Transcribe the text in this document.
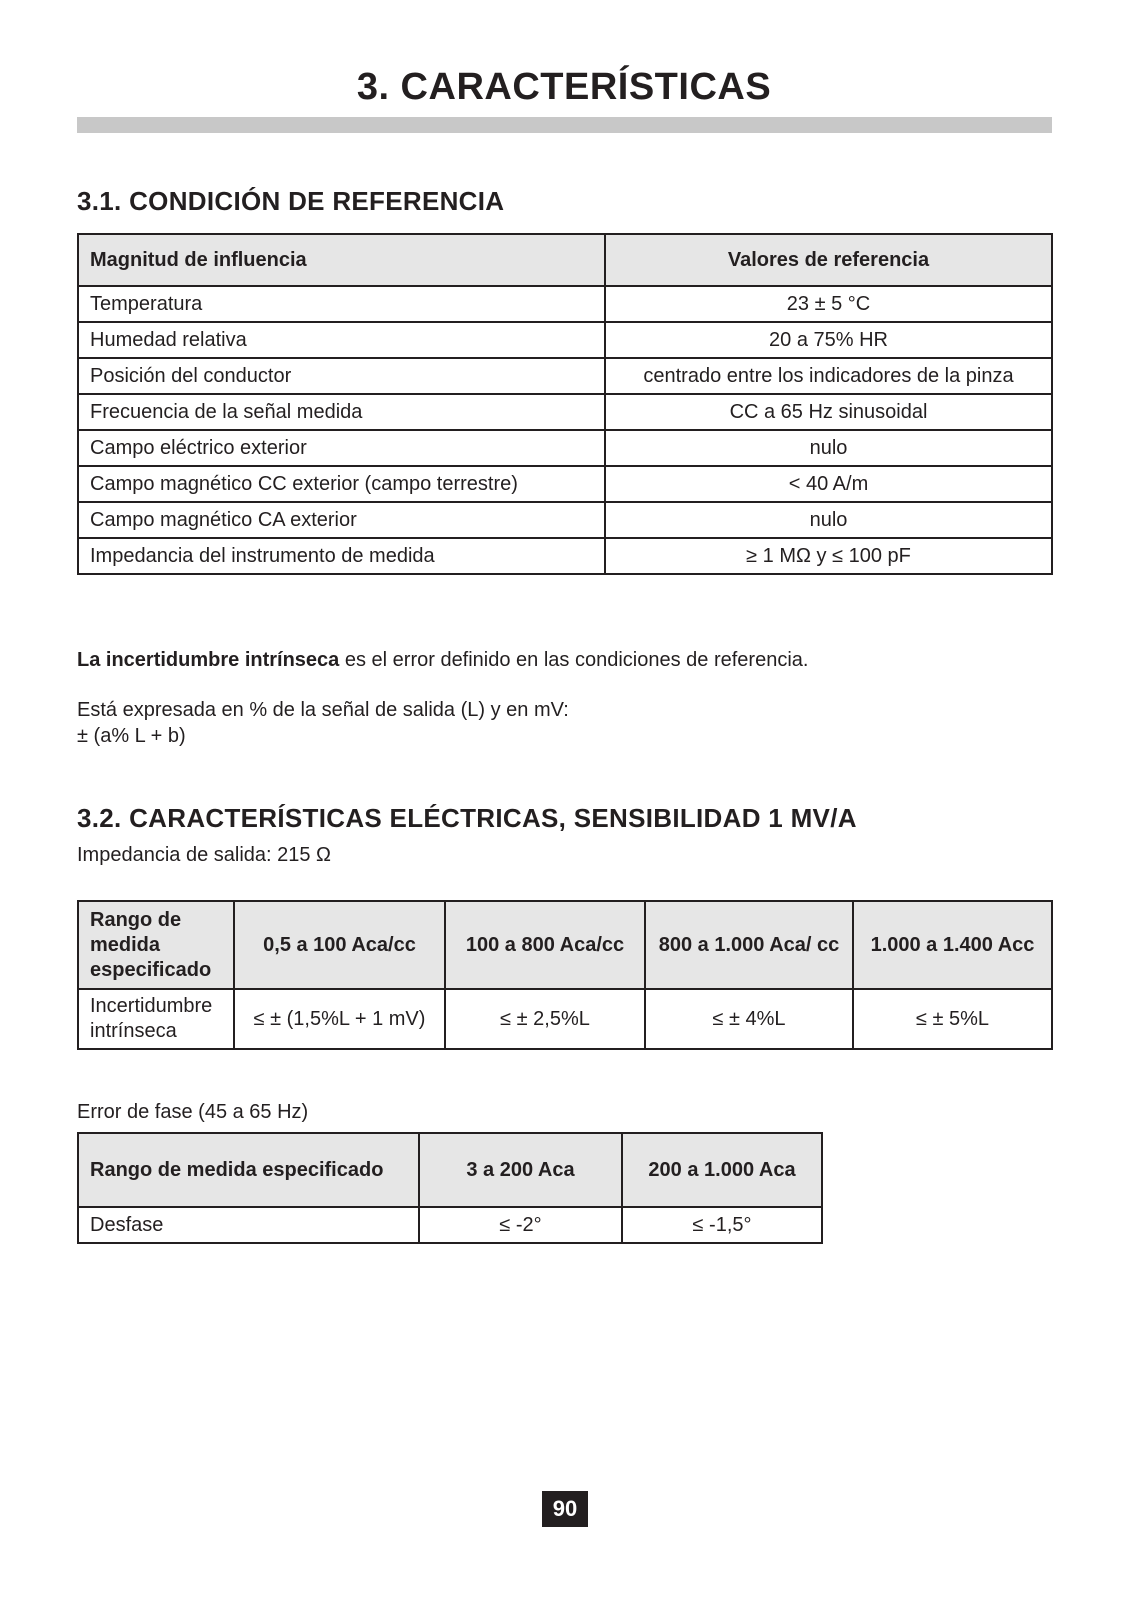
3. CARACTERÍSTICAS
3.1. CONDICIÓN DE REFERENCIA
Magnitud de influencia	Valores de referencia
Temperatura	23 ± 5 °C
Humedad relativa	20 a 75% HR
Posición del conductor	centrado entre los indicadores de la pinza
Frecuencia de la señal medida	CC a 65 Hz sinusoidal
Campo eléctrico exterior	nulo
Campo magnético CC exterior (campo terrestre)	< 40 A/m
Campo magnético CA exterior	nulo
Impedancia del instrumento de medida	≥ 1 MΩ y ≤ 100 pF

La incertidumbre intrínseca es el error definido en las condiciones de referencia.

Está expresada en % de la señal de salida (L) y en mV:

± (a% L + b)

3.2. CARACTERÍSTICAS ELÉCTRICAS, SENSIBILIDAD 1 MV/A

Impedancia de salida: 215 Ω

Rango de medida especificado	0,5 a 100 Aca/cc	100 a 800 Aca/cc	800 a 1.000 Aca/ cc	1.000 a 1.400 Acc
Incertidumbre intrínseca	≤ ± (1,5%L + 1 mV)	≤ ± 2,5%L	≤ ± 4%L	≤ ± 5%L

Error de fase (45 a 65 Hz)

Rango de medida especificado	3 a 200 Aca	200 a 1.000 Aca
Desfase	≤ -2°	≤ -1,5°
90
